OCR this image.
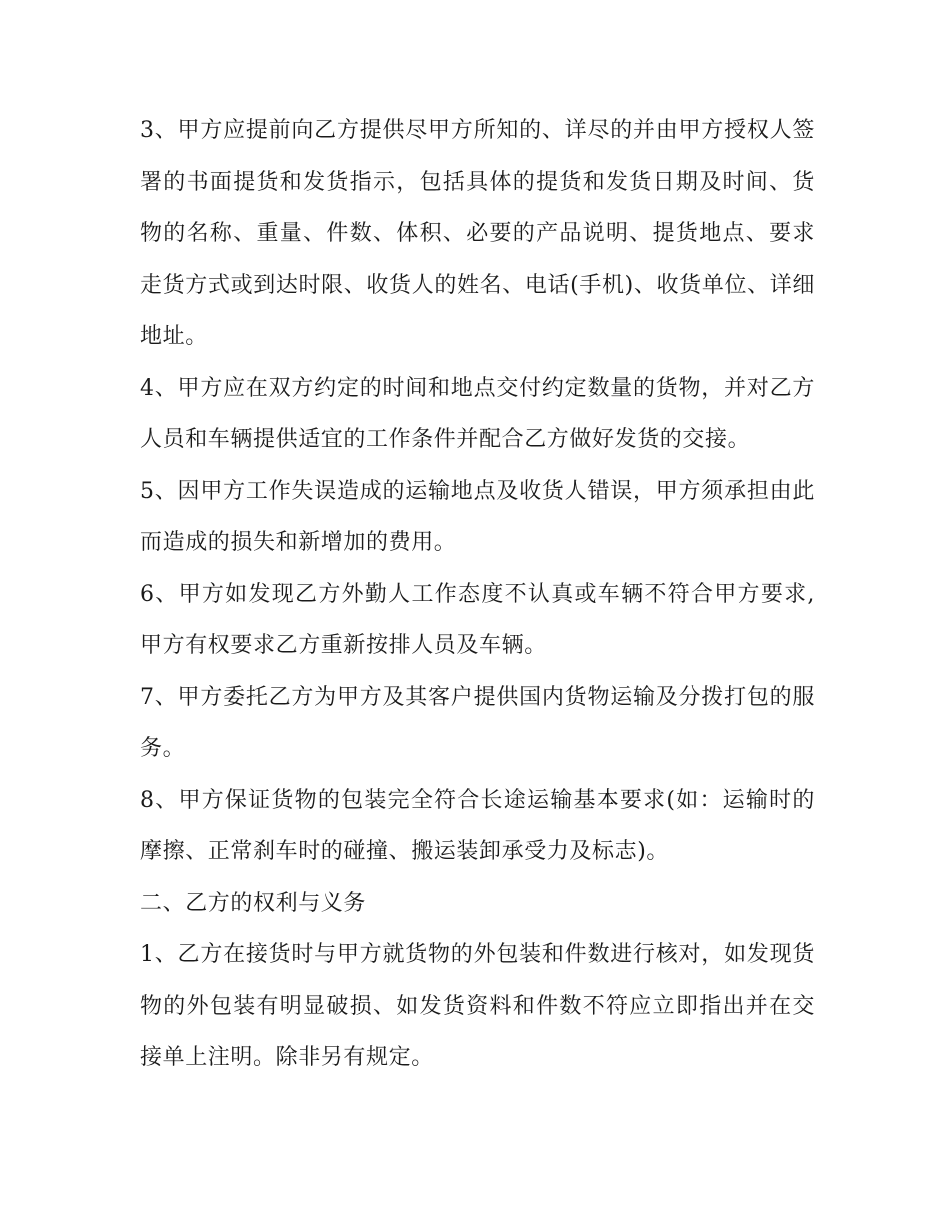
3、甲方应提前向乙方提供尽甲方所知的、详尽的并由甲方授权人签署的书面提货和发货指示，包括具体的提货和发货日期及时间、货物的名称、重量、件数、体积、必要的产品说明、提货地点、要求走货方式或到达时限、收货人的姓名、电话(手机)、收货单位、详细地址。

4、甲方应在双方约定的时间和地点交付约定数量的货物，并对乙方人员和车辆提供适宜的工作条件并配合乙方做好发货的交接。

5、因甲方工作失误造成的运输地点及收货人错误，甲方须承担由此而造成的损失和新增加的费用。

6、甲方如发现乙方外勤人工作态度不认真或车辆不符合甲方要求,甲方有权要求乙方重新按排人员及车辆。

7、甲方委托乙方为甲方及其客户提供国内货物运输及分拨打包的服务。

8、甲方保证货物的包装完全符合长途运输基本要求(如：运输时的摩擦、正常刹车时的碰撞、搬运装卸承受力及标志)。

二、乙方的权利与义务

1、乙方在接货时与甲方就货物的外包装和件数进行核对，如发现货物的外包装有明显破损、如发货资料和件数不符应立即指出并在交接单上注明。除非另有规定。
